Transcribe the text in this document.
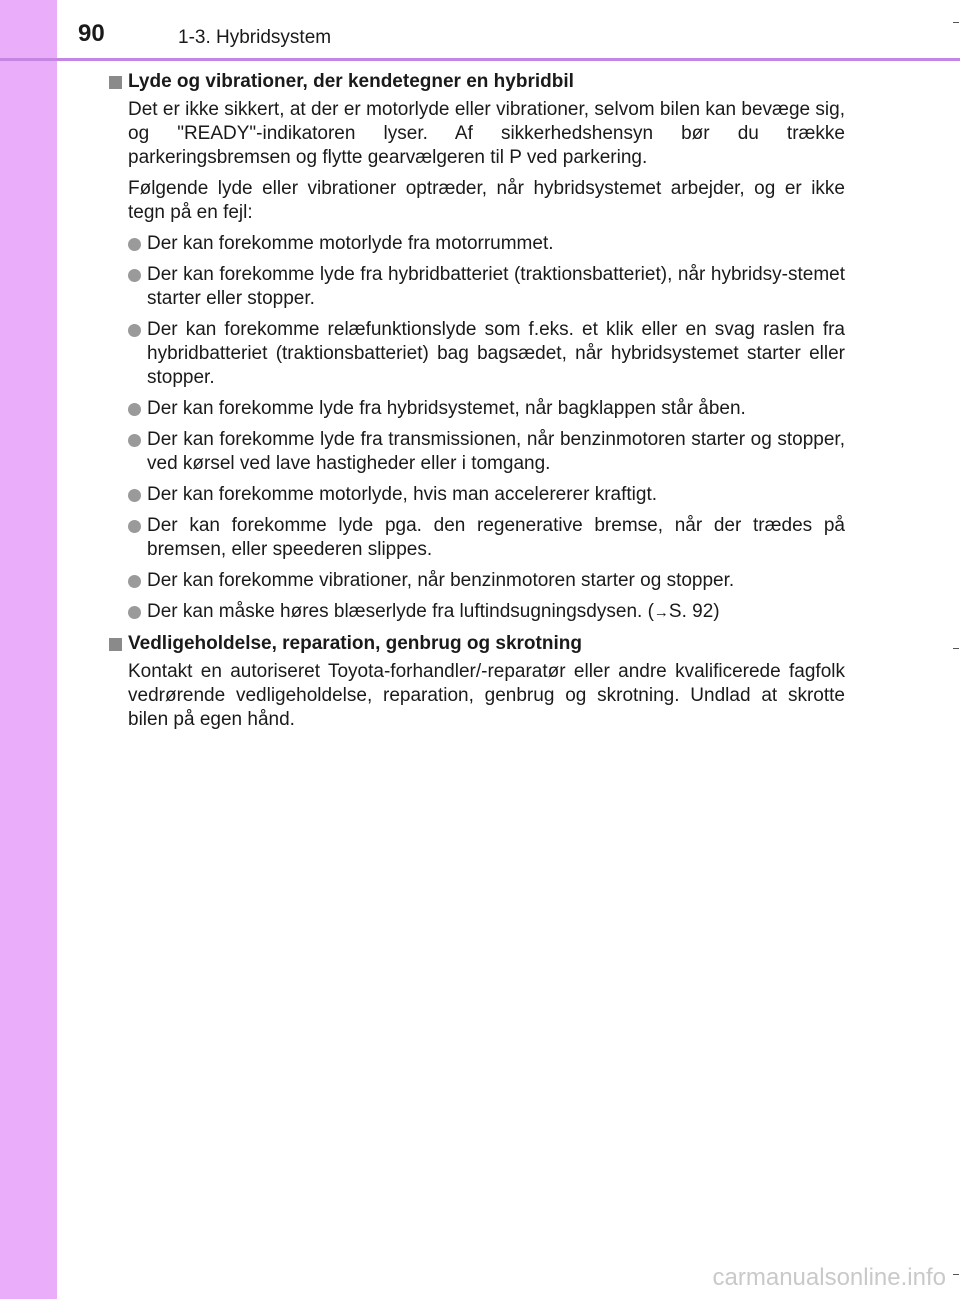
90	1-3. Hybridsystem
Lyde og vibrationer, der kendetegner en hybridbil
Det er ikke sikkert, at der er motorlyde eller vibrationer, selvom bilen kan bevæge sig, og "READY"-indikatoren lyser. Af sikkerhedshensyn bør du trække parkeringsbremsen og flytte gearvælgeren til P ved parkering.
Følgende lyde eller vibrationer optræder, når hybridsystemet arbejder, og er ikke tegn på en fejl:
Der kan forekomme motorlyde fra motorrummet.
Der kan forekomme lyde fra hybridbatteriet (traktionsbatteriet), når hybridsy-stemet starter eller stopper.
Der kan forekomme relæfunktionslyde som f.eks. et klik eller en svag raslen fra hybridbatteriet (traktionsbatteriet) bag bagsædet, når hybridsystemet starter eller stopper.
Der kan forekomme lyde fra hybridsystemet, når bagklappen står åben.
Der kan forekomme lyde fra transmissionen, når benzinmotoren starter og stopper, ved kørsel ved lave hastigheder eller i tomgang.
Der kan forekomme motorlyde, hvis man accelererer kraftigt.
Der kan forekomme lyde pga. den regenerative bremse, når der trædes på bremsen, eller speederen slippes.
Der kan forekomme vibrationer, når benzinmotoren starter og stopper.
Der kan måske høres blæserlyde fra luftindsugningsdysen. (→S. 92)
Vedligeholdelse, reparation, genbrug og skrotning
Kontakt en autoriseret Toyota-forhandler/-reparatør eller andre kvalificerede fagfolk vedrørende vedligeholdelse, reparation, genbrug og skrotning. Undlad at skrotte bilen på egen hånd.
carmanualsonline.info
